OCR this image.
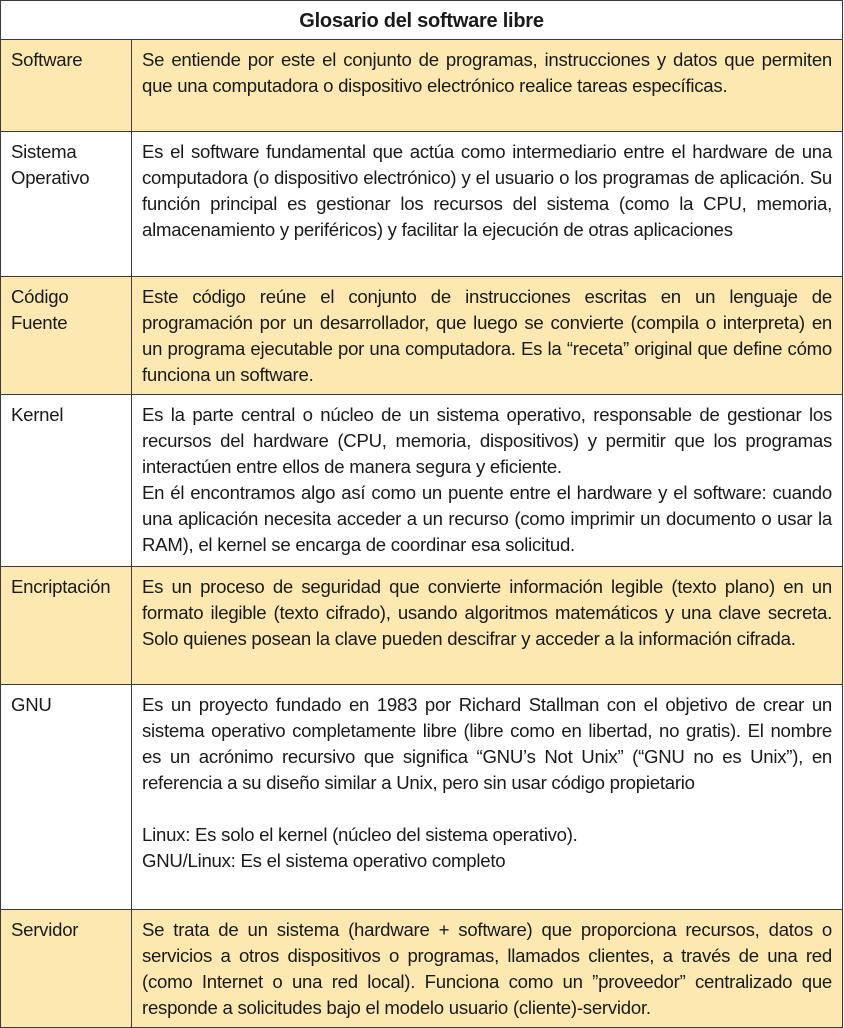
Glosario del software libre	
Software	Se entiende por este el conjunto de programas, instrucciones y datos que permiten que una computadora o dispositivo electrónico realice tareas específicas.

Sistema Operativo	Es el software fundamental que actúa como intermediario entre el hardware de una computadora (o dispositivo electrónico) y el usuario o los programas de aplicación. Su función principal es gestionar los recursos del sistema (como la CPU, memoria, almacenamiento y periféricos) y facilitar la ejecución de otras aplicaciones

Código Fuente	Este código reúne el conjunto de instrucciones escritas en un lenguaje de programación por un desarrollador, que luego se convierte (compila o interpreta) en un programa ejecutable por una computadora. Es la “receta” original que define cómo funciona un software.

Kernel	Es la parte central o núcleo de un sistema operativo, responsable de gestionar los recursos del hardware (CPU, memoria, dispositivos) y permitir que los programas interactúen entre ellos de manera segura y eficiente.
En él encontramos algo así como un puente entre el hardware y el software: cuando una aplicación necesita acceder a un recurso (como imprimir un documento o usar la RAM), el kernel se encarga de coordinar esa solicitud.

Encriptación	Es un proceso de seguridad que convierte información legible (texto plano) en un formato ilegible (texto cifrado), usando algoritmos matemáticos y una clave secreta. Solo quienes posean la clave pueden descifrar y acceder a la información cifrada.

GNU	Es un proyecto fundado en 1983 por Richard Stallman con el objetivo de crear un sistema operativo completamente libre (libre como en libertad, no gratis). El nombre es un acrónimo recursivo que significa “GNU’s Not Unix” (“GNU no es Unix”), en referencia a su diseño similar a Unix, pero sin usar código propietario
Linux: Es solo el kernel (núcleo del sistema operativo).
GNU/Linux: Es el sistema operativo completo

Servidor	Se trata de un sistema (hardware + software) que proporciona recursos, datos o servicios a otros dispositivos o programas, llamados clientes, a través de una red (como Internet o una red local). Funciona como un ”proveedor” centralizado que responde a solicitudes bajo el modelo usuario (cliente)-servidor.
